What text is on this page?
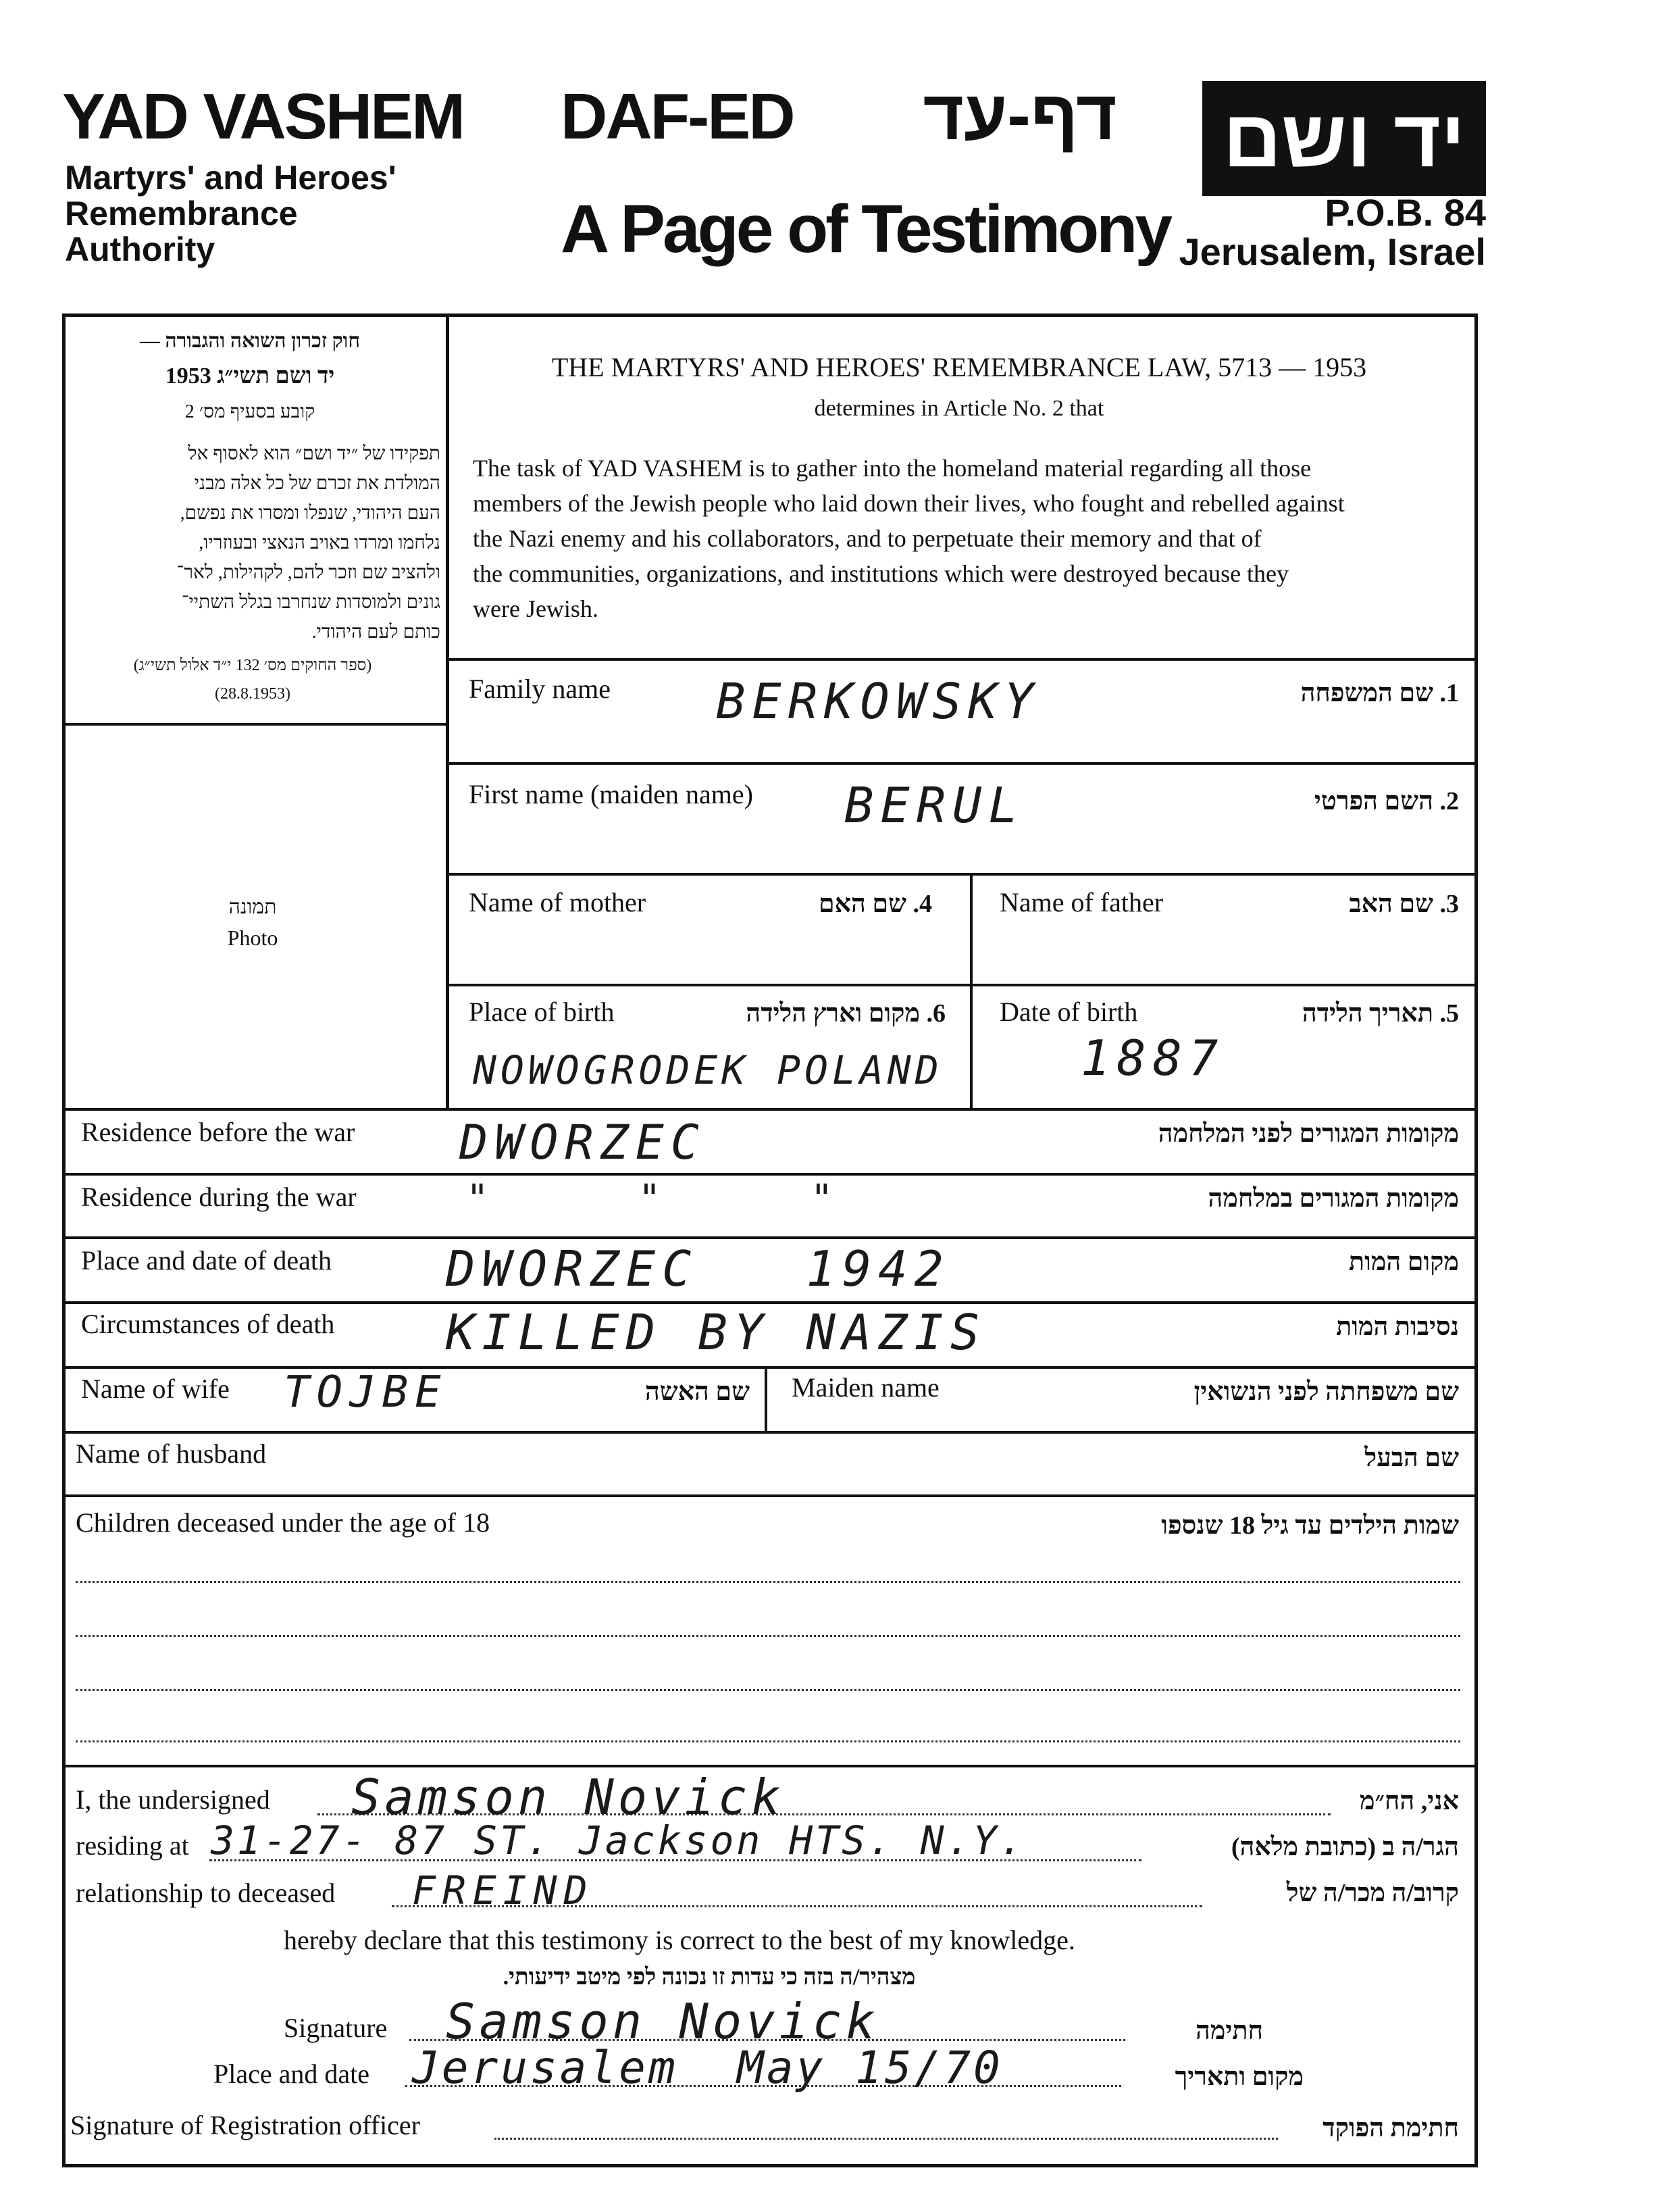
YAD VASHEM
Martyrs' and Heroes'
Remembrance
Authority
DAF-ED
A Page of Testimony
דף-עד	יד ושם
P.O.B. 84
Jerusalem, Israel
חוק זכרון השואה והגבורה —
יד ושם תשי״ג 1953
קובע בסעיף מס׳ 2
תפקידו של ״יד ושם״ הוא לאסוף אל
המולדת את זכרם של כל אלה מבני
העם היהודי, שנפלו ומסרו את נפשם,
נלחמו ומרדו באויב הנאצי ובעוזריו,
ולהציב שם וזכר להם, לקהילות, לאר־
גונים ולמוסדות שנחרבו בגלל השתיי־
כותם לעם היהודי.
(ספר החוקים מס׳ 132 י״ד אלול תשי״ג)
(28.8.1953)
תמונה
Photo
THE MARTYRS' AND HEROES' REMEMBRANCE LAW, 5713 — 1953
determines in Article No. 2 that
The task of YAD VASHEM is to gather into the homeland material regarding all those
members of the Jewish people who laid down their lives, who fought and rebelled against
the Nazi enemy and his collaborators, and to perpetuate their memory and that of
the communities, organizations, and institutions which were destroyed because they
were Jewish.
Family name BERKOWSKY	1. שם המשפחה
First name (maiden name) BERUL	2. השם הפרטי
Name of mother	4. שם האם	Name of father	3. שם האב
Place of birth	6. מקום וארץ הלידה
NOWOGRODEK POLAND
Date of birth	5. תאריך הלידה
1887
Residence before the war DWORZEC	מקומות המגורים לפני המלחמה
Residence during the war	"   "   "	מקומות המגורים במלחמה
Place and date of death DWORZEC   1942	מקום המות
Circumstances of death KILLED BY NAZIS	נסיבות המות
Name of wife TOJBE	שם האשה Maiden name	שם משפחתה לפני הנשואין
Name of husband	שם הבעל
Children deceased under the age of 18	שמות הילדים עד גיל 18 שנספו
I, the undersigned Samson Novick	אני, הח״מ
residing at 31-27- 87 ST. Jackson HTS. N.Y.	הגר/ה ב (כתובת מלאה)
relationship to deceased FREIND	קרוב/ה מכר/ה של
hereby declare that this testimony is correct to the best of my knowledge.
מצהיר/ה בזה כי עדות זו נכונה לפי מיטב ידיעותי.
Signature Samson Novick	חתימה
Place and date Jerusalem  May 15/70	מקום ותאריך
Signature of Registration officer	חתימת הפוקד
